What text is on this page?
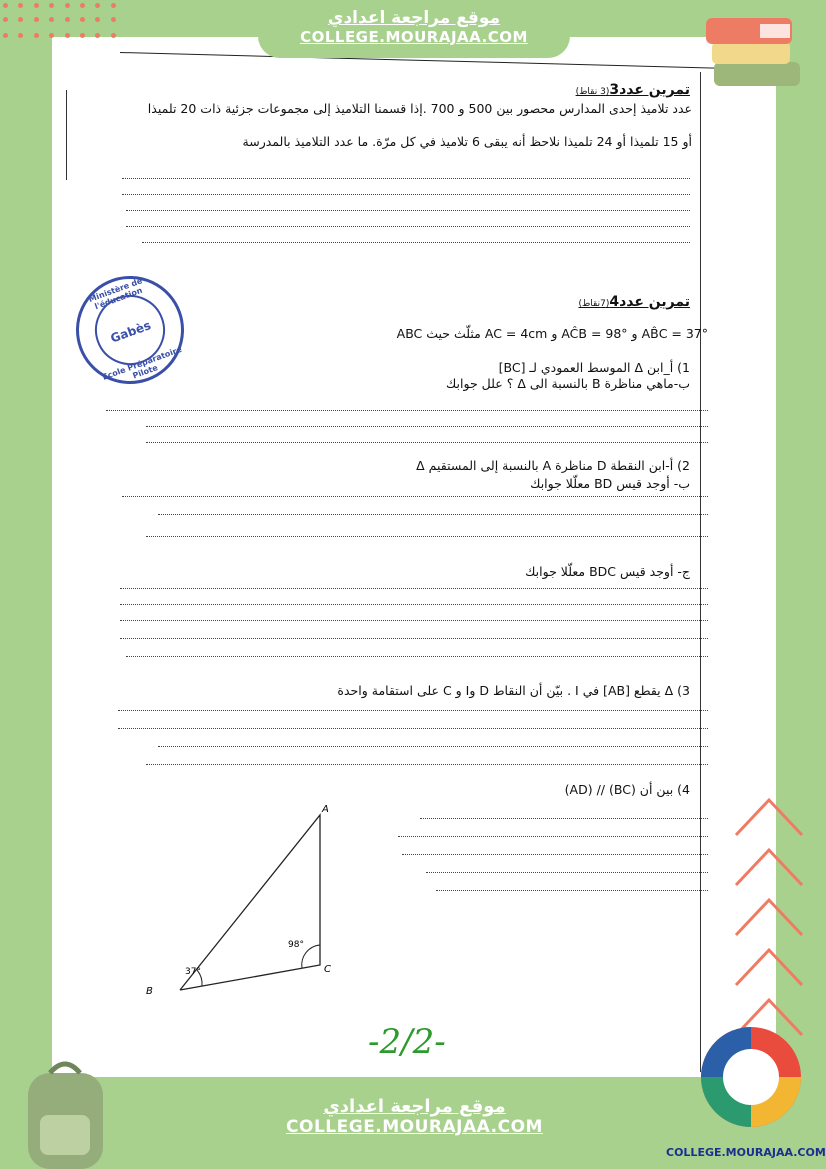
موقع مراجعة اعدادي
COLLEGE.MOURAJAA.COM
تمرين عدد3(3 نقاط)
عدد تلاميذ إحدى المدارس محصور بين 500 و 700 .إذا قسمنا التلاميذ إلى مجموعات جزئية ذات 20 تلميذا
أو 15 تلميذا أو 24 تلميذا نلاحظ أنه يبقى 6 تلاميذ في كل مرّة. ما عدد التلاميذ بالمدرسة
Ministère de l'éducation
Gabès
Ecole Préparatoire Pilote
تمرين عدد4(7نقاط)
ABC مثلّث حيث AC = 4cm و AĈB = 98° و AB̂C = 37°
1) أ_ابن Δ الموسط العمودي لـ [BC]
ب-ماهي مناظرة B بالنسبة الى Δ ؟ علل جوابك
2) أ-ابن النقطة D مناظرة A بالنسبة إلى المستقيم Δ
ب- أوجد قيس BD معلّلا جوابك
ج- أوجد قيس BDC معلّلا جوابك
3) Δ يقطع [AB] في I . بيّن أن النقاط D وI و C على استقامة واحدة
4) بين أن (BC) // (AD)
A
B
C
37°
98°
-2/2-
موقع مراجعة اعدادي
COLLEGE.MOURAJAA.COM
COLLEGE.MOURAJAA.COM
